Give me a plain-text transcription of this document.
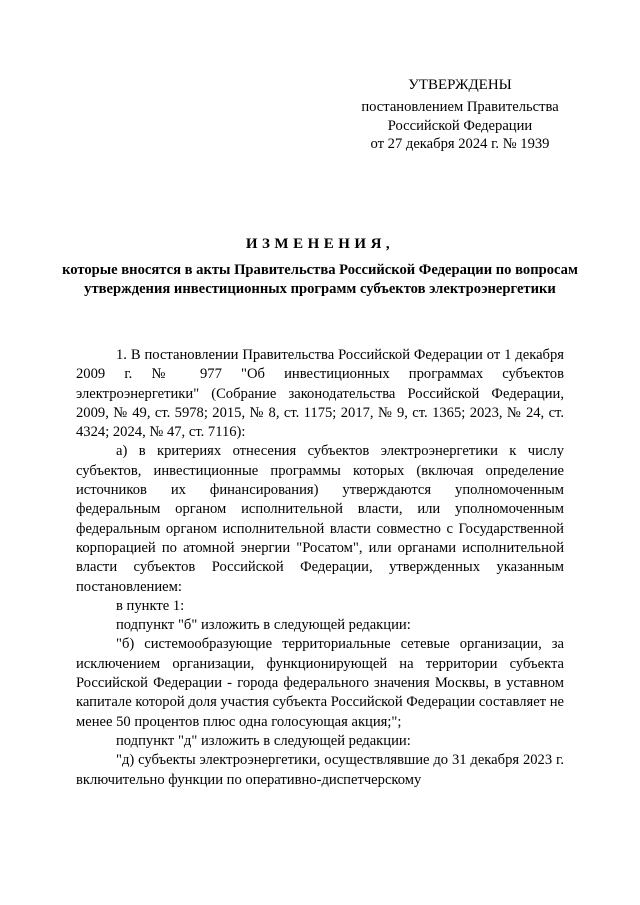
УТВЕРЖДЕНЫ
постановлением Правительства
Российской Федерации
от 27 декабря 2024 г. № 1939
ИЗМЕНЕНИЯ,
которые вносятся в акты Правительства Российской Федерации по вопросам утверждения инвестиционных программ субъектов электроэнергетики

1. В постановлении Правительства Российской Федерации от 1 декабря 2009 г. № 977 "Об инвестиционных программах субъектов электроэнергетики" (Собрание законодательства Российской Федерации, 2009, № 49, ст. 5978; 2015, № 8, ст. 1175; 2017, № 9, ст. 1365; 2023, № 24, ст. 4324; 2024, № 47, ст. 7116):

а) в критериях отнесения субъектов электроэнергетики к числу субъектов, инвестиционные программы которых (включая определение источников их финансирования) утверждаются уполномоченным федеральным органом исполнительной власти, или уполномоченным федеральным органом исполнительной власти совместно с Государственной корпорацией по атомной энергии "Росатом", или органами исполнительной власти субъектов Российской Федерации, утвержденных указанным постановлением:

в пункте 1:

подпункт "б" изложить в следующей редакции:

"б) системообразующие территориальные сетевые организации, за исключением организации, функционирующей на территории субъекта Российской Федерации - города федерального значения Москвы, в уставном капитале которой доля участия субъекта Российской Федерации составляет не менее 50 процентов плюс одна голосующая акция;";

подпункт "д" изложить в следующей редакции:

"д) субъекты электроэнергетики, осуществлявшие до 31 декабря 2023 г. включительно функции по оперативно-диспетчерскому
